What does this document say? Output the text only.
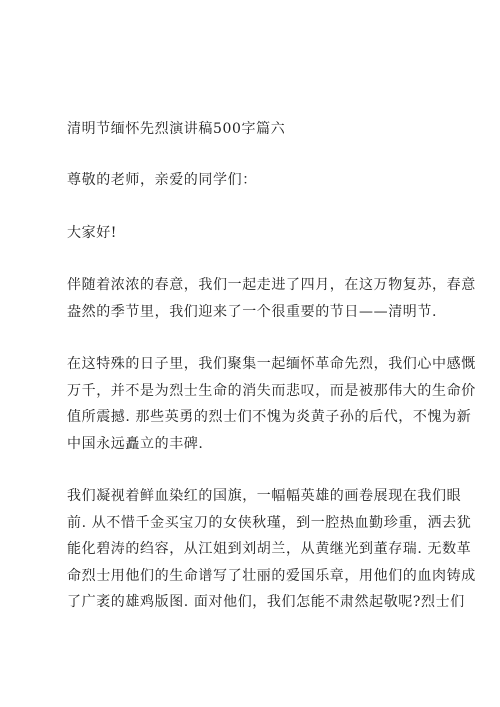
清明节缅怀先烈演讲稿500字篇六

尊敬的老师，亲爱的同学们：

大家好!

伴随着浓浓的春意，我们一起走进了四月，在这万物复苏，春意
盎然的季节里，我们迎来了一个很重要的节日——清明节.

在这特殊的日子里，我们聚集一起缅怀革命先烈，我们心中感慨
万千，并不是为烈士生命的消失而悲叹，而是被那伟大的生命价
值所震撼. 那些英勇的烈士们不愧为炎黄子孙的后代，不愧为新
中国永远矗立的丰碑.

我们凝视着鲜血染红的国旗，一幅幅英雄的画卷展现在我们眼
前. 从不惜千金买宝刀的女侠秋瑾，到一腔热血勤珍重，洒去犹
能化碧涛的绉容，从江姐到刘胡兰，从黄继光到董存瑞. 无数革
命烈士用他们的生命谱写了壮丽的爱国乐章，用他们的血肉铸成
了广袤的雄鸡版图. 面对他们，我们怎能不肃然起敬呢?烈士们
